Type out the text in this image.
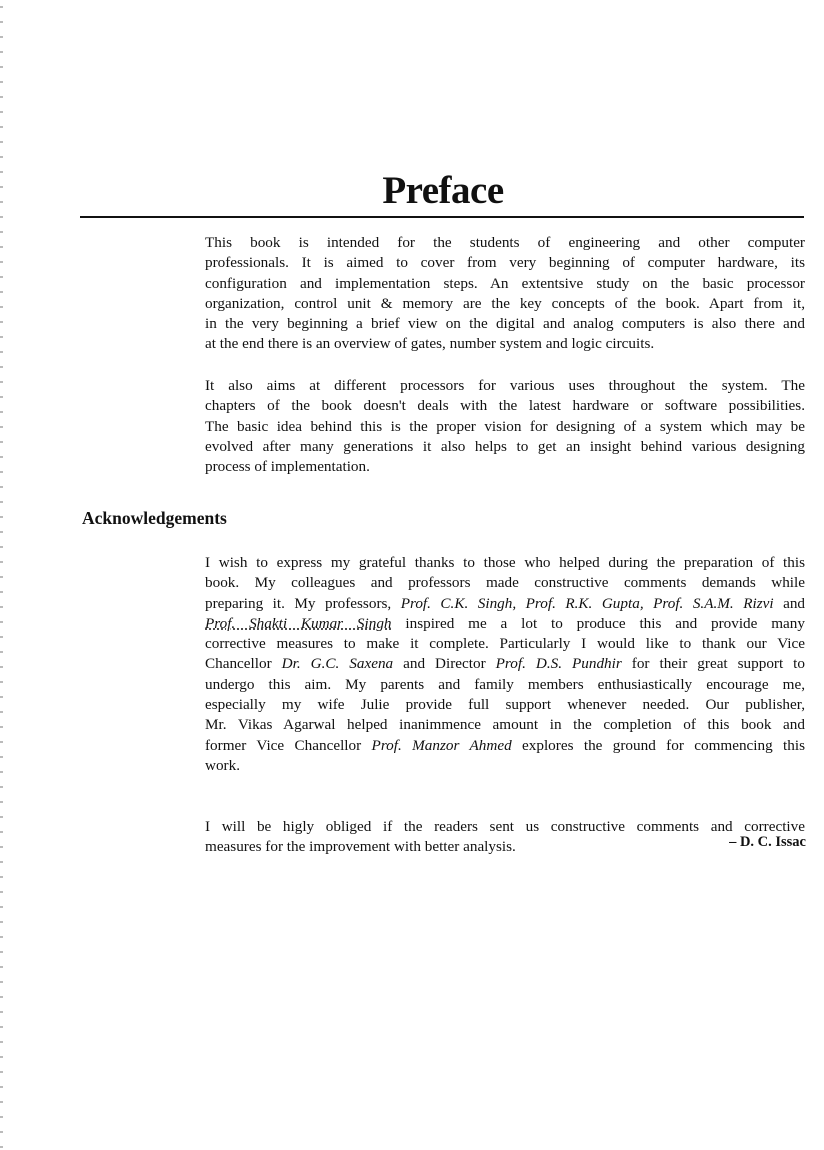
Preface
This book is intended for the students of engineering and other computer
professionals. It is aimed to cover from very beginning of computer hardware, its
configuration and implementation steps. An extentsive study on the basic processor
organization, control unit & memory are the key concepts of the book. Apart from it,
in the very beginning a brief view on the digital and analog computers is also there and
at the end there is an overview of gates, number system and logic circuits.
It also aims at different processors for various uses throughout the system. The
chapters of the book doesn't deals with the latest hardware or software possibilities.
The basic idea behind this is the proper vision for designing of a system which may be
evolved after many generations it also helps to get an insight behind various designing
process of implementation.
Acknowledgements
I wish to express my grateful thanks to those who helped during the preparation of this
book. My colleagues and professors made constructive comments demands while
preparing it. My professors, Prof. C.K. Singh, Prof. R.K. Gupta, Prof. S.A.M. Rizvi and
Prof. Shakti Kumar Singh inspired me a lot to produce this and provide many
corrective measures to make it complete. Particularly I would like to thank our Vice
Chancellor Dr. G.C. Saxena and Director Prof. D.S. Pundhir for their great support to
undergo this aim. My parents and family members enthusiastically encourage me,
especially my wife Julie provide full support whenever needed. Our publisher,
Mr. Vikas Agarwal helped inanimmence amount in the completion of this book and
former Vice Chancellor Prof. Manzor Ahmed explores the ground for commencing this
work.
I will be higly obliged if the readers sent us constructive comments and corrective
measures for the improvement with better analysis.	– D. C. Issac
